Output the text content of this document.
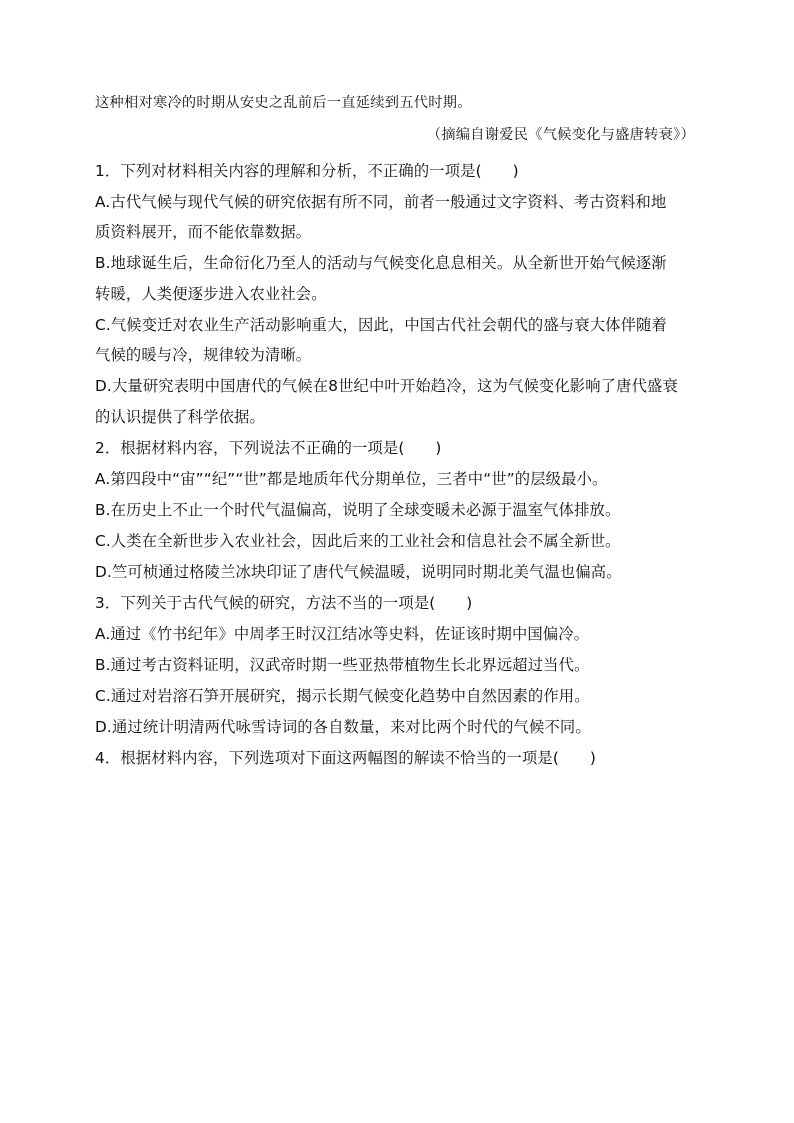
这种相对寒冷的时期从安史之乱前后一直延续到五代时期。
（摘编自谢爱民《气候变化与盛唐转衰》）
1．下列对材料相关内容的理解和分析，不正确的一项是(　　)
A.古代气候与现代气候的研究依据有所不同，前者一般通过文字资料、考古资料和地
质资料展开，而不能依靠数据。
B.地球诞生后，生命衍化乃至人的活动与气候变化息息相关。从全新世开始气候逐渐
转暖，人类便逐步进入农业社会。
C.气候变迁对农业生产活动影响重大，因此，中国古代社会朝代的盛与衰大体伴随着
气候的暖与冷，规律较为清晰。
D.大量研究表明中国唐代的气候在8世纪中叶开始趋冷，这为气候变化影响了唐代盛衰
的认识提供了科学依据。
2．根据材料内容，下列说法不正确的一项是(　　)
A.第四段中“宙”“纪”“世”都是地质年代分期单位，三者中“世”的层级最小。
B.在历史上不止一个时代气温偏高，说明了全球变暖未必源于温室气体排放。
C.人类在全新世步入农业社会，因此后来的工业社会和信息社会不属全新世。
D.竺可桢通过格陵兰冰块印证了唐代气候温暖，说明同时期北美气温也偏高。
3．下列关于古代气候的研究，方法不当的一项是(　　)
A.通过《竹书纪年》中周孝王时汉江结冰等史料，佐证该时期中国偏冷。
B.通过考古资料证明，汉武帝时期一些亚热带植物生长北界远超过当代。
C.通过对岩溶石笋开展研究，揭示长期气候变化趋势中自然因素的作用。
D.通过统计明清两代咏雪诗词的各自数量，来对比两个时代的气候不同。
4．根据材料内容，下列选项对下面这两幅图的解读不恰当的一项是(　　)
